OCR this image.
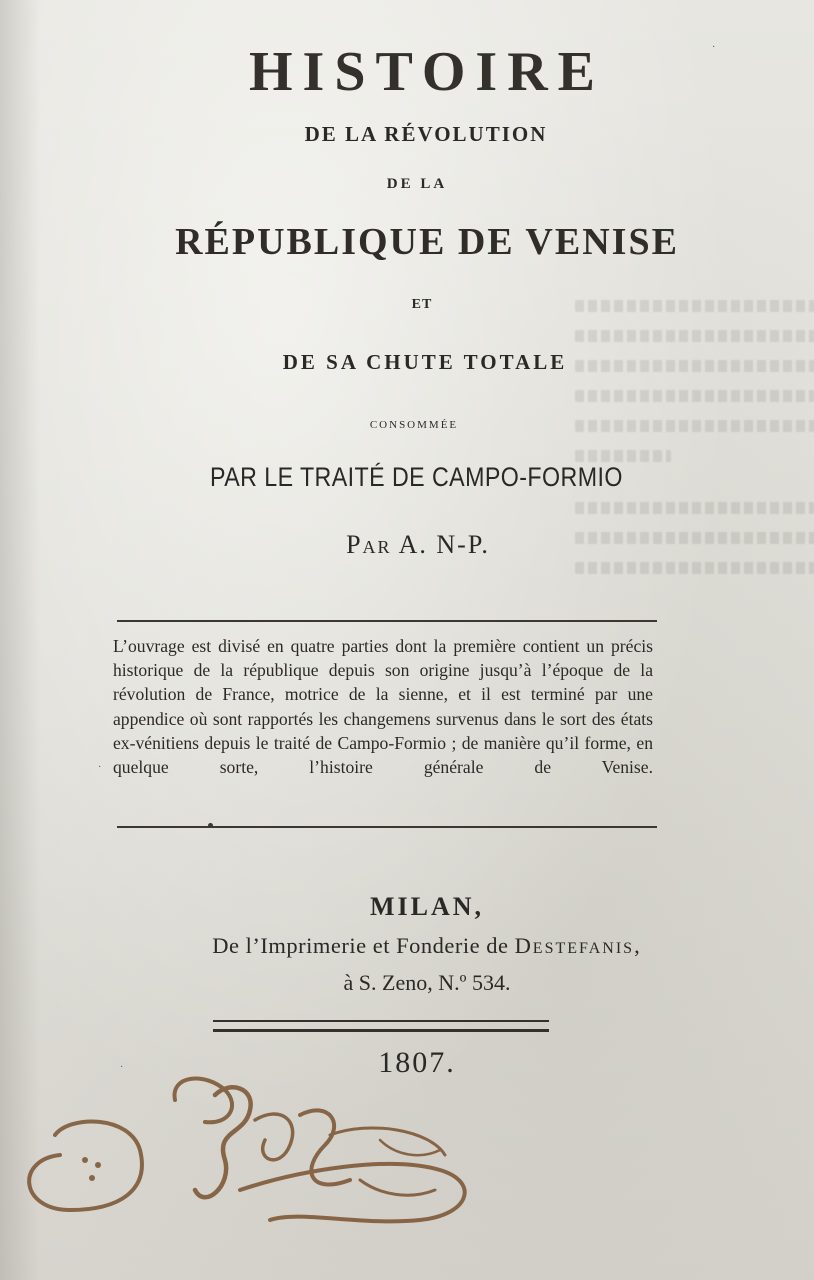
HISTOIRE
DE LA RÉVOLUTION
DE LA
RÉPUBLIQUE DE VENISE
ET
DE SA CHUTE TOTALE
consommée
PAR LE TRAITÉ DE CAMPO-FORMIO
Par A. N-P.
L’ouvrage est divisé en quatre parties dont la première contient un précis historique de la république depuis son origine jusqu’à l’époque de la révolution de France, motrice de la sienne, et il est terminé par une appendice où sont rapportés les changemens survenus dans le sort des états ex-vénitiens depuis le traité de Campo-Formio ; de manière qu’il forme, en quelque sorte, l’histoire générale de Venise.
MILAN,
De l’Imprimerie et Fonderie de Destefanis,
à S. Zeno, N.º 534.
1807.
·
·
·
